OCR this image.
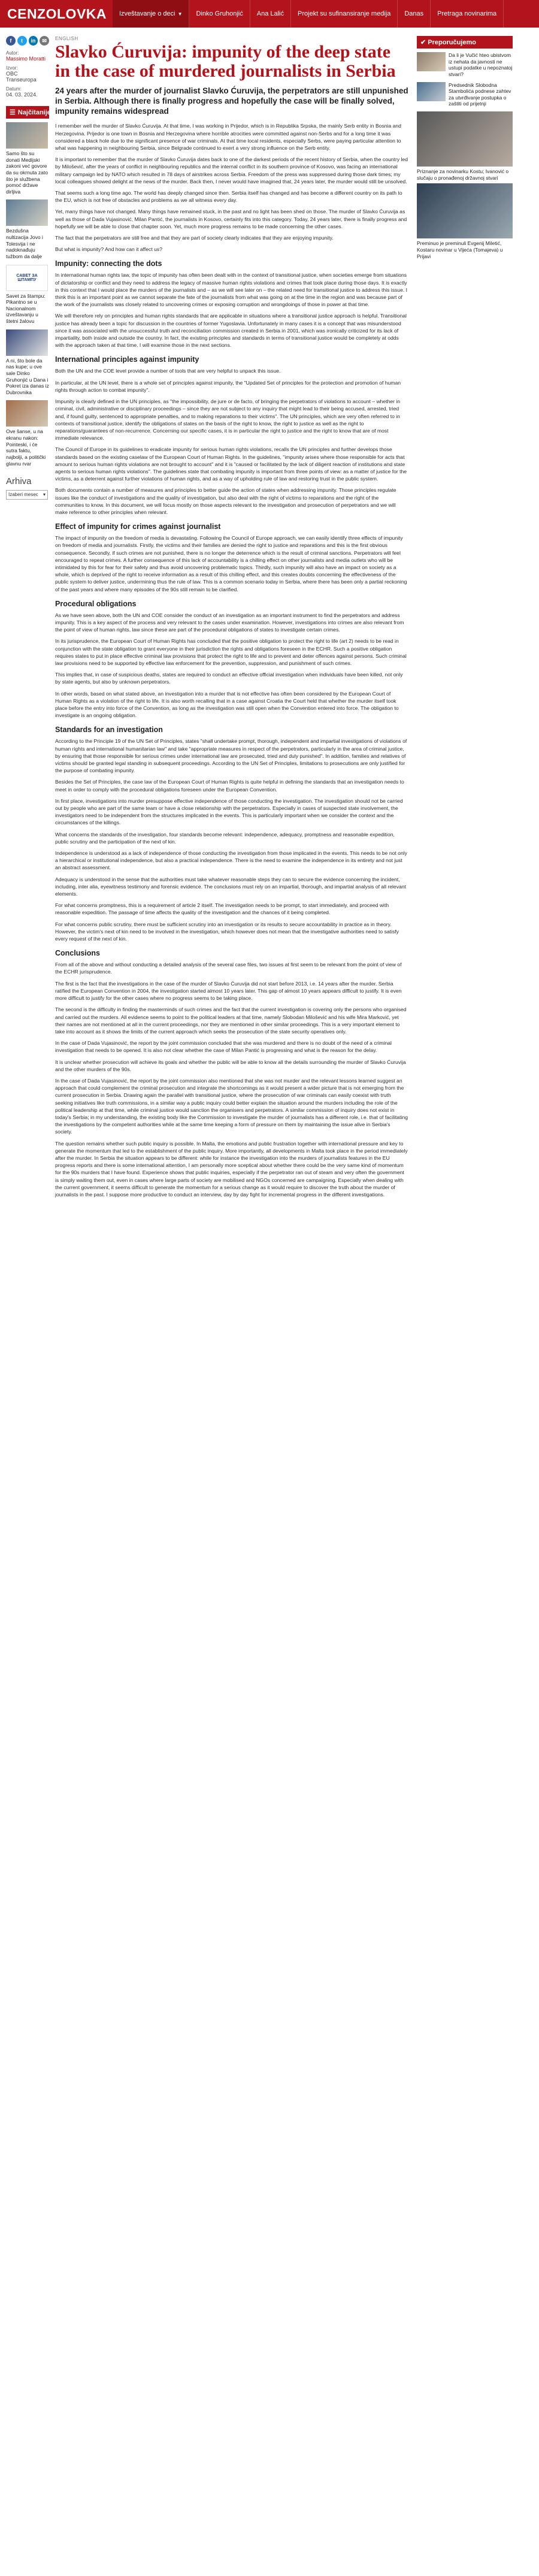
CENZOLOVKA Izveštavanje o deci ▼ Dinko Gruhonjić Ana Lalić Projekt su sufinansiranje medija Danas Pretraga novinarima
f	t	in	✉
Autor:
Massimo Moratti
Izvor:
OBC Transeuropa
Datum:
04. 03. 2024.
☰ Najčitanije
Samo što su donati Medijski zakoni već govore da su okrnuta zato što je službena pomoć države dirljiva
Bezdušna nultizacija Jovo i Tolesvija i ne nadoknađuju tužbom da dalje
САВЕТ ЗА ШТАМПУ
Savet za štampu: Pikantno se u Nacionalnom izveštavanju u štetni žalovu
A ni, što bole da nas kupe; u ove sale Dinko Gruhonjić u Dana i Pokret iza danas iz Dubrovnika
Ove šanse, u na ekranu nakon: Pointeski, i će sutra faktu, najbolji, a politički glavnu rvar
Arhiva
Izaberi mesec ▾
ENGLISH
Slavko Ćuruvija: impunity of the deep state in the case of murdered journalists in Serbia
24 years after the murder of journalist Slavko Ćuruvija, the perpetrators are still unpunished in Serbia. Although there is finally progress and hopefully the case will be finally solved, impunity remains widespread

I remember well the murder of Slavko Ćuruvija. At that time, I was working in Prijedor, which is in Republika Srpska, the mainly Serb entity in Bosnia and Herzegovina. Prijedor is one town in Bosnia and Herzegovina where horrible atrocities were committed against non-Serbs and for a long time it was considered a black hole due to the significant presence of war criminals. At that time local residents, especially Serbs, were paying particular attention to what was happening in neighbouring Serbia, since Belgrade continued to exert a very strong influence on the Serb entity.

It is important to remember that the murder of Slavko Ćuruvija dates back to one of the darkest periods of the recent history of Serbia, when the country led by Milošević, after the years of conflict in neighbouring republics and the internal conflict in its southern province of Kosovo, was facing an international military campaign led by NATO which resulted in 78 days of airstrikes across Serbia. Freedom of the press was suppressed during those dark times; my local colleagues showed delight at the news of the murder. Back then, I never would have imagined that, 24 years later, the murder would still be unsolved.

That seems such a long time ago. The world has deeply changed since then. Serbia itself has changed and has become a different country on its path to the EU, which is not free of obstacles and problems as we all witness every day.

Yet, many things have not changed. Many things have remained stuck, in the past and no light has been shed on those. The murder of Slavko Ćuruvija as well as those of Dada Vujasinović, Milan Pantić, the journalists in Kosovo, certainly fits into this category. Today, 24 years later, there is finally progress and hopefully we will be able to close that chapter soon. Yet, much more progress remains to be made concerning the other cases.

The fact that the perpetrators are still free and that they are part of society clearly indicates that they are enjoying impunity.

But what is impunity? And how can it affect us?

Impunity: connecting the dots

In international human rights law, the topic of impunity has often been dealt with in the context of transitional justice, when societies emerge from situations of dictatorship or conflict and they need to address the legacy of massive human rights violations and crimes that took place during those days. It is exactly in this context that I would place the murders of the journalists and – as we will see later on – the related need for transitional justice to address this issue. I think this is an important point as we cannot separate the fate of the journalists from what was going on at the time in the region and was because part of the work of the journalists was closely related to uncovering crimes or exposing corruption and wrongdoings of those in power at that time.

We will therefore rely on principles and human rights standards that are applicable in situations where a transitional justice approach is helpful. Transitional justice has already been a topic for discussion in the countries of former Yugoslavia. Unfortunately in many cases it is a concept that was misunderstood since it was associated with the unsuccessful truth and reconciliation commission created in Serbia in 2001, which was ironically criticized for its lack of impartiality, both inside and outside the country. In fact, the existing principles and standards in terms of transitional justice would be completely at odds with the approach taken at that time. I will examine those in the next sections.

International principles against impunity

Both the UN and the COE level provide a number of tools that are very helpful to unpack this issue.

In particular, at the UN level, there is a whole set of principles against impunity, the "Updated Set of principles for the protection and promotion of human rights through action to combat impunity".

Impunity is clearly defined in the UN principles, as "the impossibility, de jure or de facto, of bringing the perpetrators of violations to account – whether in criminal, civil, administrative or disciplinary proceedings – since they are not subject to any inquiry that might lead to their being accused, arrested, tried and, if found guilty, sentenced to appropriate penalties, and to making reparations to their victims". The UN principles, which are very often referred to in contexts of transitional justice, identify the obligations of states on the basis of the right to know, the right to justice as well as the right to reparations/guarantees of non-recurrence. Concerning our specific cases, it is in particular the right to justice and the right to know that are of most immediate relevance.

The Council of Europe in its guidelines to eradicate impunity for serious human rights violations, recalls the UN principles and further develops those standards based on the existing caselaw of the European Court of Human Rights. In the guidelines, "impunity arises where those responsible for acts that amount to serious human rights violations are not brought to account" and it is "caused or facilitated by the lack of diligent reaction of institutions and state agents to serious human rights violations". The guidelines state that combating impunity is important from three points of view: as a matter of justice for the victims, as a deterrent against further violations of human rights, and as a way of upholding rule of law and restoring trust in the public system.

Both documents contain a number of measures and principles to better guide the action of states when addressing impunity. Those principles regulate issues like the conduct of investigations and the quality of investigation, but also deal with the right of victims to reparations and the right of the communities to know. In this document, we will focus mostly on those aspects relevant to the investigation and prosecution of perpetrators and we will make reference to other principles when relevant.

Effect of impunity for crimes against journalist

The impact of impunity on the freedom of media is devastating. Following the Council of Europe approach, we can easily identify three effects of impunity on freedom of media and journalists. Firstly, the victims and their families are denied the right to justice and reparations and this is the first obvious consequence. Secondly, if such crimes are not punished, there is no longer the deterrence which is the result of criminal sanctions. Perpetrators will feel encouraged to repeat crimes. A further consequence of this lack of accountability is a chilling effect on other journalists and media outlets who will be intimidated by this for fear for their safety and thus avoid uncovering problematic topics. Thirdly, such impunity will also have an impact on society as a whole, which is deprived of the right to receive information as a result of this chilling effect, and this creates doubts concerning the effectiveness of the public system to deliver justice, undermining thus the rule of law. This is a common scenario today in Serbia, where there has been only a partial reckoning of the past years and where many episodes of the 90s still remain to be clarified.

Procedural obligations

As we have seen above, both the UN and COE consider the conduct of an investigation as an important instrument to find the perpetrators and address impunity. This is a key aspect of the process and very relevant to the cases under examination. However, investigations into crimes are also relevant from the point of view of human rights, law since these are part of the procedural obligations of states to investigate certain crimes.

In its jurisprudence, the European Court of Human Rights has concluded that the positive obligation to protect the right to life (art 2) needs to be read in conjunction with the state obligation to grant everyone in their jurisdiction the rights and obligations foreseen in the ECHR. Such a positive obligation requires states to put in place effective criminal law provisions that protect the right to life and to prevent and deter offences against persons. Such criminal law provisions need to be supported by effective law enforcement for the prevention, suppression, and punishment of such crimes.

This implies that, in case of suspicious deaths, states are required to conduct an effective official investigation when individuals have been killed, not only by state agents, but also by unknown perpetrators.

In other words, based on what stated above, an investigation into a murder that is not effective has often been considered by the European Court of Human Rights as a violation of the right to life. It is also worth recalling that in a case against Croatia the Court held that whether the murder itself took place before the entry into force of the Convention, as long as the investigation was still open when the Convention entered into force. The obligation to investigate is an ongoing obligation.

Standards for an investigation

According to the Principle 19 of the UN Set of Principles, states "shall undertake prompt, thorough, independent and impartial investigations of violations of human rights and international humanitarian law" and take "appropriate measures in respect of the perpetrators, particularly in the area of criminal justice, by ensuring that those responsible for serious crimes under international law are prosecuted, tried and duly punished". In addition, families and relatives of victims should be granted legal standing in subsequent proceedings. According to the UN Set of Principles, limitations to prosecutions are only justified for the purpose of combating impunity.

Besides the Set of Principles, the case law of the European Court of Human Rights is quite helpful in defining the standards that an investigation needs to meet in order to comply with the procedural obligations foreseen under the European Convention.

In first place, investigations into murder presuppose effective independence of those conducting the investigation. The investigation should not be carried out by people who are part of the same team or have a close relationship with the perpetrators. Especially in cases of suspected state involvement, the investigators need to be independent from the structures implicated in the events. This is particularly important when we consider the context and the circumstances of the killings.

What concerns the standards of the investigation, four standards become relevant: independence, adequacy, promptness and reasonable expedition, public scrutiny and the participation of the next of kin.

Independence is understood as a lack of independence of those conducting the investigation from those implicated in the events. This needs to be not only a hierarchical or institutional independence, but also a practical independence. There is the need to examine the independence in its entirety and not just an abstract assessment.

Adequacy is understood in the sense that the authorities must take whatever reasonable steps they can to secure the evidence concerning the incident, including, inter alia, eyewitness testimony and forensic evidence. The conclusions must rely on an impartial, thorough, and impartial analysis of all relevant elements.

For what concerns promptness, this is a requirement of article 2 itself. The investigation needs to be prompt, to start immediately, and proceed with reasonable expedition. The passage of time affects the quality of the investigation and the chances of it being completed.

For what concerns public scrutiny, there must be sufficient scrutiny into an investigation or its results to secure accountability in practice as in theory. However, the victim's next of kin need to be involved in the investigation, which however does not mean that the investigative authorities need to satisfy every request of the next of kin.

Conclusions

From all of the above and without conducting a detailed analysis of the several case files, two issues at first seem to be relevant from the point of view of the ECHR jurisprudence.

The first is the fact that the investigations in the case of the murder of Slavko Ćuruvija did not start before 2013, i.e. 14 years after the murder. Serbia ratified the European Convention in 2004, the investigation started almost 10 years later. This gap of almost 10 years appears difficult to justify. It is even more difficult to justify for the other cases where no progress seems to be taking place.

The second is the difficulty in finding the masterminds of such crimes and the fact that the current investigation is covering only the persons who organised and carried out the murders. All evidence seems to point to the political leaders at that time, namely Slobodan Milošević and his wife Mira Marković, yet their names are not mentioned at all in the current proceedings, nor they are mentioned in other similar proceedings. This is a very important element to take into account as it shows the limits of the current approach which seeks the prosecution of the state security operatives only.

In the case of Dada Vujasinović, the report by the joint commission concluded that she was murdered and there is no doubt of the need of a criminal investigation that needs to be opened. It is also not clear whether the case of Milan Pantić is progressing and what is the reason for the delay.

It is unclear whether prosecution will achieve its goals and whether the public will be able to know all the details surrounding the murder of Slavko Ćuruvija and the other murders of the 90s.

In the case of Dada Vujasinović, the report by the joint commission also mentioned that she was not murder and the relevant lessons learned suggest an approach that could complement the criminal prosecution and integrate the shortcomings as it would present a wider picture that is not emerging from the current prosecution in Serbia. Drawing again the parallel with transitional justice, where the prosecution of war criminals can easily coexist with truth seeking initiatives like truth commissions, in a similar way a public inquiry could better explain the situation around the murders including the role of the political leadership at that time, while criminal justice would sanction the organisers and perpetrators. A similar commission of inquiry does not exist in today's Serbia; in my understanding, the existing body like the Commission to investigate the murder of journalists has a different role, i.e. that of facilitating the investigations by the competent authorities while at the same time keeping a form of pressure on them by maintaining the issue alive in Serbia's society.

The question remains whether such public inquiry is possible. In Malta, the emotions and public frustration together with international pressure and key to generate the momentum that led to the establishment of the public inquiry. More importantly, all developments in Malta took place in the period immediately after the murder. In Serbia the situation appears to be different: while for instance the investigation into the murders of journalists features in the EU progress reports and there is some international attention, I am personally more sceptical about whether there could be the very same kind of momentum for the 90s murders that I have found. Experience shows that public inquiries, especially if the perpetrator ran out of steam and very often the government is simply waiting them out, even in cases where large parts of society are mobilised and NGOs concerned are campaigning. Especially when dealing with the current government, it seems difficult to generate the momentum for a serious change as it would require to discover the truth about the murder of journalists in the past. I suppose more productive to conduct an interview, day by day fight for incremental progress in the different investigations.

✔ Preporučujemo
Da li je Vučić hteo ubistvom iz nehata da javnosti ne ustupi podatke u nepoznatoj stvari?
Predsednik Slobodna Stambolića podnese zahtev za utvrđivanje postupka o zaštiti od prijetnji
Priznanje za novinarku Kostu; Ivanović o slučaju o pronađenoj državnoj stvari
Preminuo je preminuli Evgenij Miletić, Kostaru novinar u Vijeća (Tomajeva) u Prijavi
